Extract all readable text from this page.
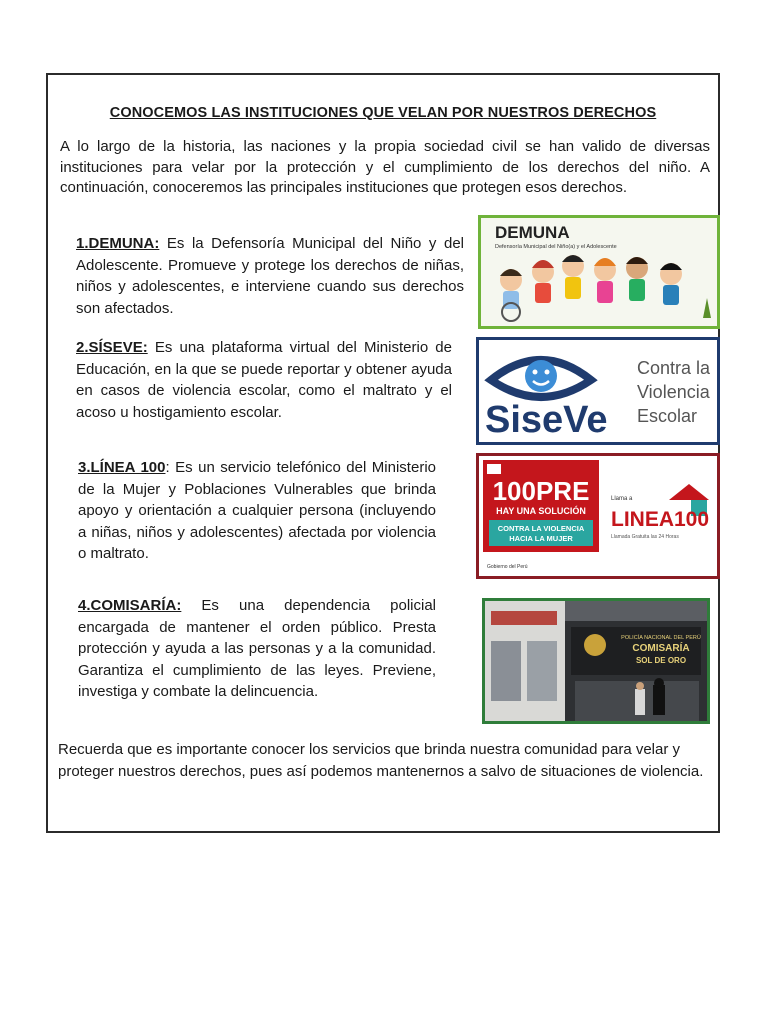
CONOCEMOS LAS INSTITUCIONES QUE VELAN POR NUESTROS DERECHOS
A lo largo de la historia, las naciones y la propia sociedad civil se han valido de diversas instituciones para velar por la protección y el cumplimiento de los derechos del niño. A continuación, conoceremos las principales instituciones que protegen esos derechos.
1.DEMUNA: Es la Defensoría Municipal del Niño y del Adolescente. Promueve y protege los derechos de niñas, niños y adolescentes, e interviene cuando sus derechos son afectados.
2.SÍSEVE: Es una plataforma virtual del Ministerio de Educación, en la que se puede reportar y obtener ayuda en casos de violencia escolar, como el maltrato y el acoso u hostigamiento escolar.
3.LÍNEA 100: Es un servicio telefónico del Ministerio de la Mujer y Poblaciones Vulnerables que brinda apoyo y orientación a cualquier persona (incluyendo a niñas, niños y adolescentes) afectada por violencia o maltrato.
4.COMISARÍA: Es una dependencia policial encargada de mantener el orden público. Presta protección y ayuda a las personas y a la comunidad. Garantiza el cumplimiento de las leyes. Previene, investiga y combate la delincuencia.
DEMUNA
Defensoría Municipal del Niño(a) y el Adolescente
SiseVe
Contra la
Violencia
Escolar
100PRE
HAY UNA SOLUCIÓN
CONTRA LA VIOLENCIA
HACIA LA MUJER
Gobierno del Perú
Llama a
LINEA100
Llamada Gratuita las 24 Horas
POLICÍA NACIONAL DEL PERÚ
COMISARÍA
SOL DE ORO
Recuerda que es importante conocer los servicios que brinda nuestra comunidad para velar y proteger nuestros derechos, pues así podemos mantenernos a salvo de situaciones de violencia.
